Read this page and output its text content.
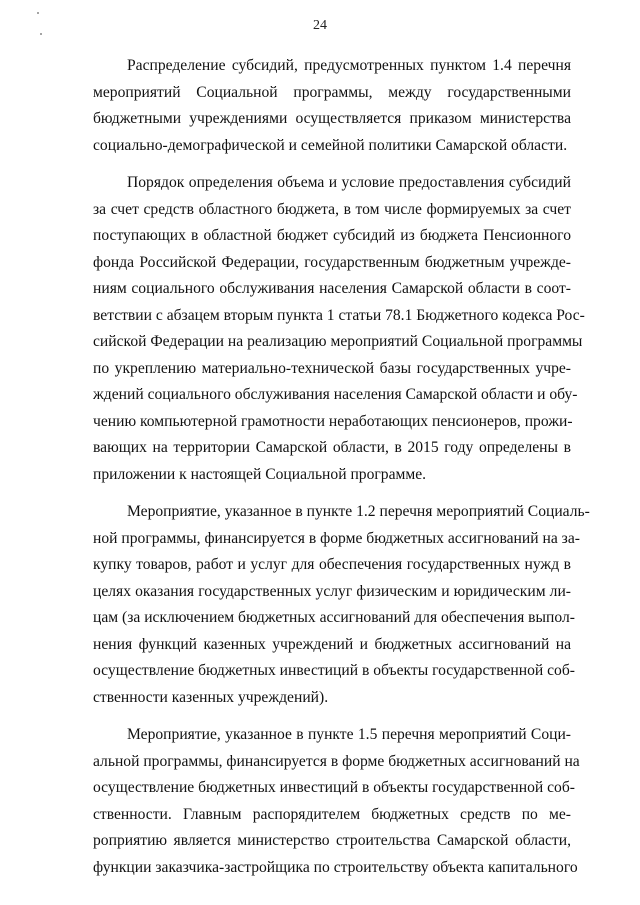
24
Распределение субсидий, предусмотренных пунктом 1.4 перечня
мероприятий Социальной программы, между государственными
бюджетными учреждениями осуществляется приказом министерства
социально-демографической и семейной политики Самарской области.
Порядок определения объема и условие предоставления субсидий
за счет средств областного бюджета, в том числе формируемых за счет
поступающих в областной бюджет субсидий из бюджета Пенсионного
фонда Российской Федерации, государственным бюджетным учрежде-
ниям социального обслуживания населения Самарской области в соот-
ветствии с абзацем вторым пункта 1 статьи 78.1 Бюджетного кодекса Рос-
сийской Федерации на реализацию мероприятий Социальной программы
по укреплению материально-технической базы государственных учре-
ждений социального обслуживания населения Самарской области и обу-
чению компьютерной грамотности неработающих пенсионеров, прожи-
вающих на территории Самарской области, в 2015 году определены в
приложении к настоящей Социальной программе.
Мероприятие, указанное в пункте 1.2 перечня мероприятий Социаль-
ной программы, финансируется в форме бюджетных ассигнований на за-
купку товаров, работ и услуг для обеспечения государственных нужд в
целях оказания государственных услуг физическим и юридическим ли-
цам (за исключением бюджетных ассигнований для обеспечения выпол-
нения функций казенных учреждений и бюджетных ассигнований на
осуществление бюджетных инвестиций в объекты государственной соб-
ственности казенных учреждений).
Мероприятие, указанное в пункте 1.5 перечня мероприятий Соци-
альной программы, финансируется в форме бюджетных ассигнований на
осуществление бюджетных инвестиций в объекты государственной соб-
ственности. Главным распорядителем бюджетных средств по ме-
роприятию является министерство строительства Самарской области,
функции заказчика-застройщика по строительству объекта капитального
